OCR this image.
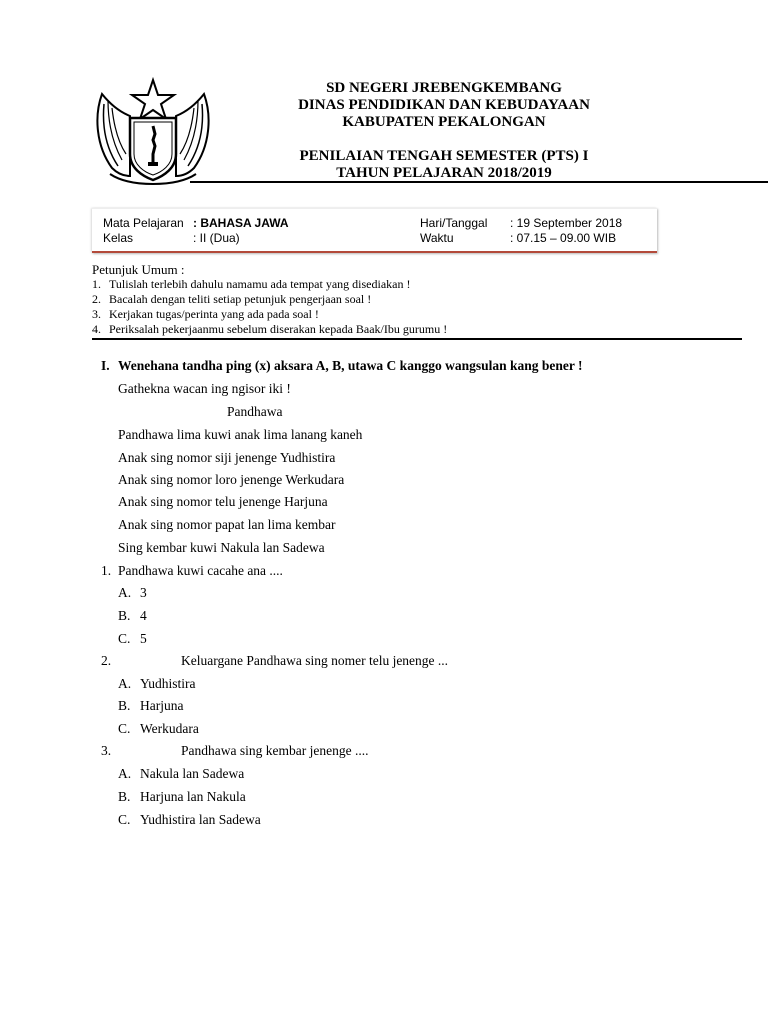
SD NEGERI JREBENGKEMBANG
DINAS PENDIDIKAN DAN KEBUDAYAAN
KABUPATEN PEKALONGAN
PENILAIAN TENGAH SEMESTER (PTS) I
TAHUN PELAJARAN 2018/2019
Mata Pelajaran : BAHASA JAWA
Kelas	: II (Dua)
Hari/Tanggal : 19 September 2018
Waktu	: 07.15 – 09.00 WIB
Petunjuk Umum :
1. Tulislah terlebih dahulu namamu ada tempat yang disediakan !
2. Bacalah dengan teliti setiap petunjuk pengerjaan soal !
3. Kerjakan tugas/perinta yang ada pada soal !
4. Periksalah pekerjaanmu sebelum diserakan kepada Baak/Ibu gurumu !
I. Wenehana tandha ping (x) aksara A, B, utawa C kanggo wangsulan kang bener !
Gathekna wacan ing ngisor iki !
Pandhawa
Pandhawa lima kuwi anak lima lanang kaneh
Anak sing nomor siji jenenge Yudhistira
Anak sing nomor loro jenenge Werkudara
Anak sing nomor telu jenenge Harjuna
Anak sing nomor papat lan lima kembar
Sing kembar kuwi Nakula lan Sadewa
1. Pandhawa kuwi cacahe ana ....
A. 3
B. 4
C. 5
2.	Keluargane Pandhawa sing nomer telu jenenge ...
A. Yudhistira
B. Harjuna
C. Werkudara
3.	Pandhawa sing kembar jenenge ....
A. Nakula lan Sadewa
B. Harjuna lan Nakula
C. Yudhistira lan Sadewa
